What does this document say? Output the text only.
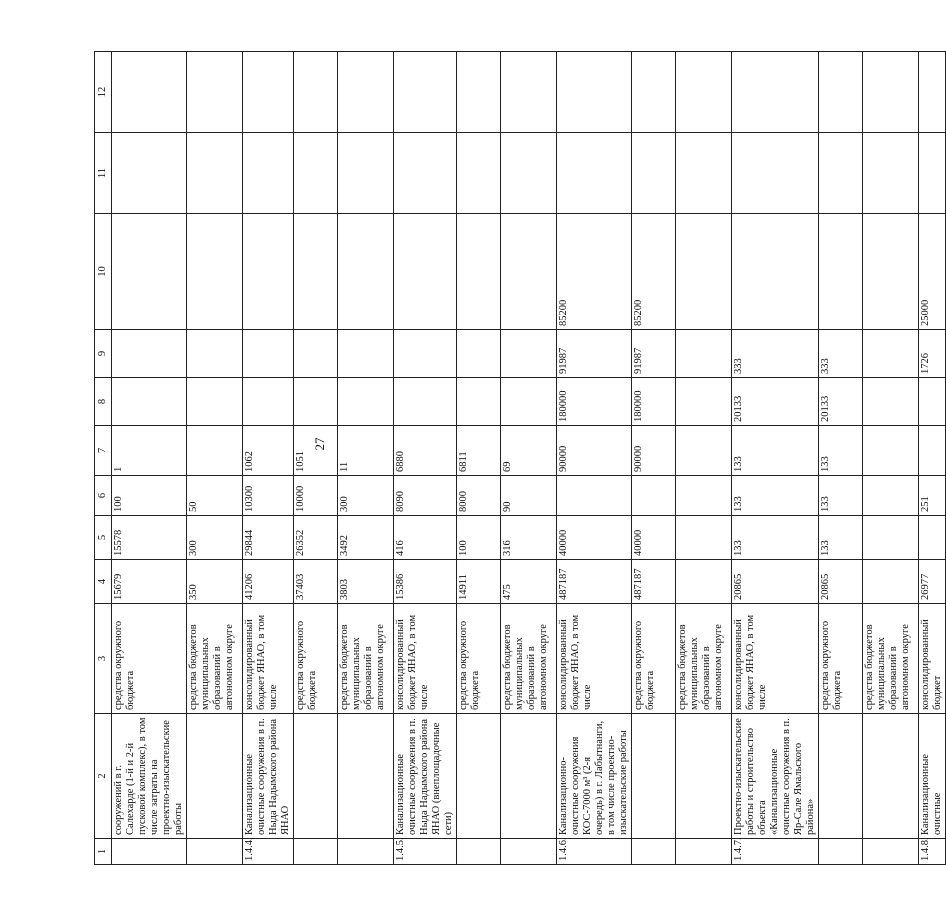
27
1	2	3	4	5	6	7	8	9	10	11	12
	сооружений в г. Салехарде (1-й и 2-й пусковой комплекс), в том числе затраты на проектно-изыскательские работы	средства окружного бюджета	15679	15578	100	1					
		средства бюджетов муниципальных образований в автономном округе	350	300	50						
1.4.4.	Канализационные очистные сооружения в п. Ныда Надымского района ЯНАО	консолидированный бюджет ЯНАО, в том числе	41206	29844	10300	1062					
		средства окружного бюджета	37403	26352	10000	1051					
		средства бюджетов муниципальных образований в автономном округе	3803	3492	300	11					
1.4.5.	Канализационные очистные сооружения в п. Ныда Надымского района ЯНАО (внеплощадочные сети)	консолидированный бюджет ЯНАО, в том числе	15386	416	8090	6880					
		средства окружного бюджета	14911	100	8000	6811					
		средства бюджетов муниципальных образований в автономном округе	475	316	90	69					
1.4.6.	Канализационно-очистные сооружения КОС-7000 м³ (2-я очередь) в г. Лабытнанги, в том числе проектно-изыскательские работы	консолидированный бюджет ЯНАО, в том числе	487187	40000		90000	180000	91987	85200		
		средства окружного бюджета	487187	40000		90000	180000	91987	85200		
		средства бюджетов муниципальных образований в автономном округе									
1.4.7.	Проектно-изыскательские работы и строительство объекта «Канализационные очистные сооружения в п. Яр-Сале Ямальского района»	консолидированный бюджет ЯНАО, в том числе	20865	133	133	133	20133	333			
		средства окружного бюджета	20865	133	133	133	20133	333			
		средства бюджетов муниципальных образований в автономном округе									
1.4.8.	Канализационные очистные	консолидированный бюджет	26977		251			1726	25000		
